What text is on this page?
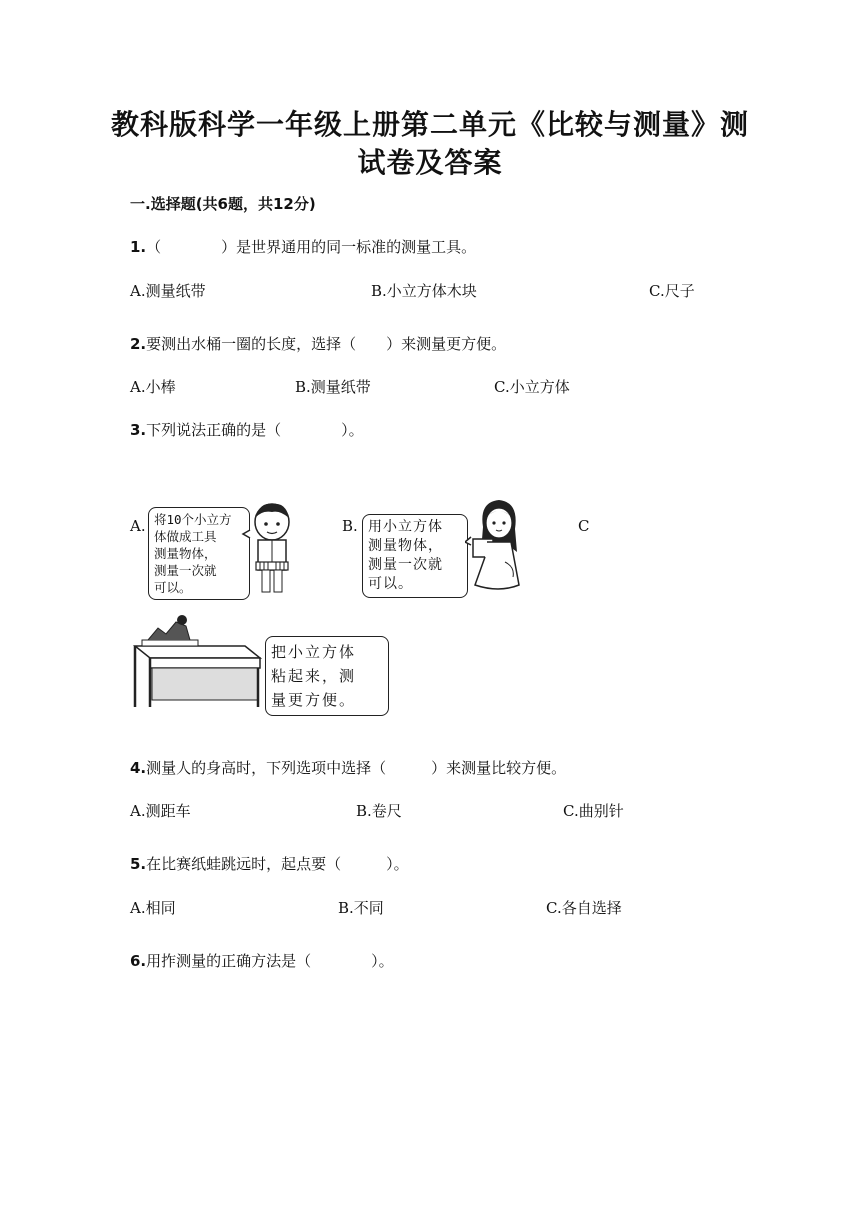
教科版科学一年级上册第二单元《比较与测量》测
试卷及答案
一.选择题(共6题，共12分)
1.（　　　　）是世界通用的同一标准的测量工具。
A.测量纸带	B.小立方体木块	C.尺子
2.要测出水桶一圈的长度，选择（　　）来测量更方便。
A.小棒	B.测量纸带	C.小立方体
3.下列说法正确的是（　　　　）。
A. 将10个小立方
体做成工具
测量物体，
测量一次就
可以。
B. 用小立方体
测量物体，
测量一次就
可以。
C
把小立方体
粘起来，测
量更方便。
4.测量人的身高时，下列选项中选择（　　　）来测量比较方便。
A.测距车	B.卷尺	C.曲别针
5.在比赛纸蛙跳远时，起点要（　　　）。
A.相同	B.不同	C.各自选择
6.用拃测量的正确方法是（　　　　）。
